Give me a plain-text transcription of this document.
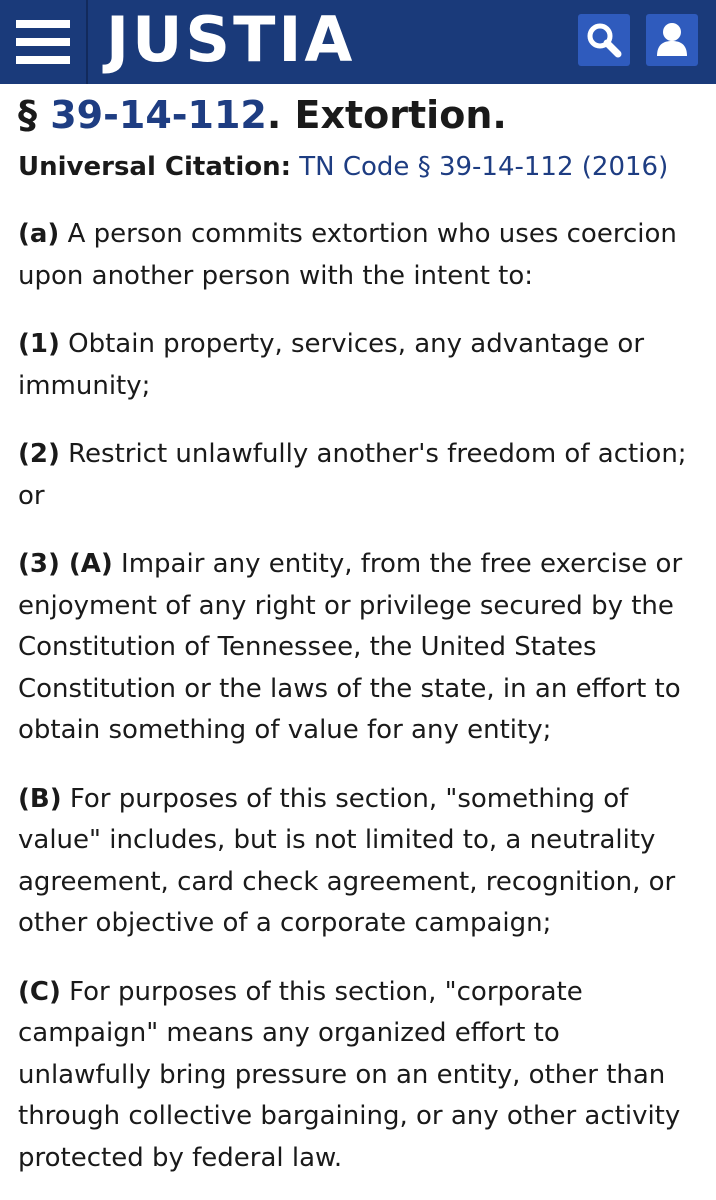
JUSTIA
§ 39-14-112. Extortion.
Universal Citation: TN Code § 39-14-112 (2016)

(a) A person commits extortion who uses coercion upon another person with the intent to:

(1) Obtain property, services, any advantage or immunity;

(2) Restrict unlawfully another's freedom of action; or

(3) (A) Impair any entity, from the free exercise or enjoyment of any right or privilege secured by the Constitution of Tennessee, the United States Constitution or the laws of the state, in an effort to obtain something of value for any entity;

(B) For purposes of this section, "something of value" includes, but is not limited to, a neutrality agreement, card check agreement, recognition, or other objective of a corporate campaign;

(C) For purposes of this section, "corporate campaign" means any organized effort to unlawfully bring pressure on an entity, other than through collective bargaining, or any other activity protected by federal law.
